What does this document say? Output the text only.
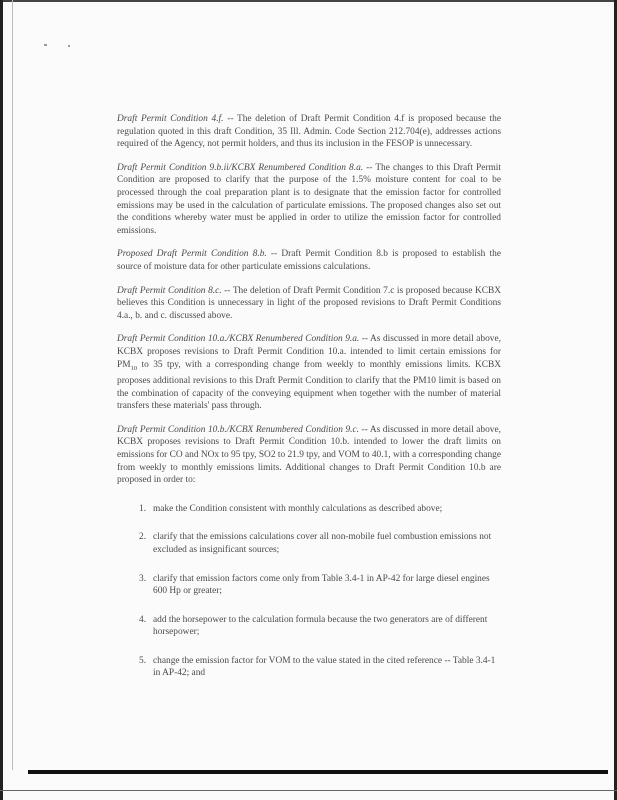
Draft Permit Condition 4.f. -- The deletion of Draft Permit Condition 4.f is proposed because the regulation quoted in this draft Condition, 35 Ill. Admin. Code Section 212.704(e), addresses actions required of the Agency, not permit holders, and thus its inclusion in the FESOP is unnecessary.

Draft Permit Condition 9.b.ii/KCBX Renumbered Condition 8.a. -- The changes to this Draft Permit Condition are proposed to clarify that the purpose of the 1.5% moisture content for coal to be processed through the coal preparation plant is to designate that the emission factor for controlled emissions may be used in the calculation of particulate emissions. The proposed changes also set out the conditions whereby water must be applied in order to utilize the emission factor for controlled emissions.

Proposed Draft Permit Condition 8.b. -- Draft Permit Condition 8.b is proposed to establish the source of moisture data for other particulate emissions calculations.

Draft Permit Condition 8.c. -- The deletion of Draft Permit Condition 7.c is proposed because KCBX believes this Condition is unnecessary in light of the proposed revisions to Draft Permit Conditions 4.a., b. and c. discussed above.

Draft Permit Condition 10.a./KCBX Renumbered Condition 9.a. -- As discussed in more detail above, KCBX proposes revisions to Draft Permit Condition 10.a. intended to limit certain emissions for $PM_{10}$ to 35 tpy, with a corresponding change from weekly to monthly emissions limits. KCBX proposes additional revisions to this Draft Permit Condition to clarify that the PM10 limit is based on the combination of capacity of the conveying equipment when together with the number of material transfers these materials' pass through.

Draft Permit Condition 10.b./KCBX Renumbered Condition 9.c. -- As discussed in more detail above, KCBX proposes revisions to Draft Permit Condition 10.b. intended to lower the draft limits on emissions for CO and NOx to 95 tpy, SO2 to 21.9 tpy, and VOM to 40.1, with a corresponding change from weekly to monthly emissions limits. Additional changes to Draft Permit Condition 10.b are proposed in order to:

1. make the Condition consistent with monthly calculations as described above;
2. clarify that the emissions calculations cover all non-mobile fuel combustion emissions not excluded as insignificant sources;
3. clarify that emission factors come only from Table 3.4-1 in AP-42 for large diesel engines 600 Hp or greater;
4. add the horsepower to the calculation formula because the two generators are of different horsepower;
5. change the emission factor for VOM to the value stated in the cited reference -- Table 3.4-1 in AP-42; and
